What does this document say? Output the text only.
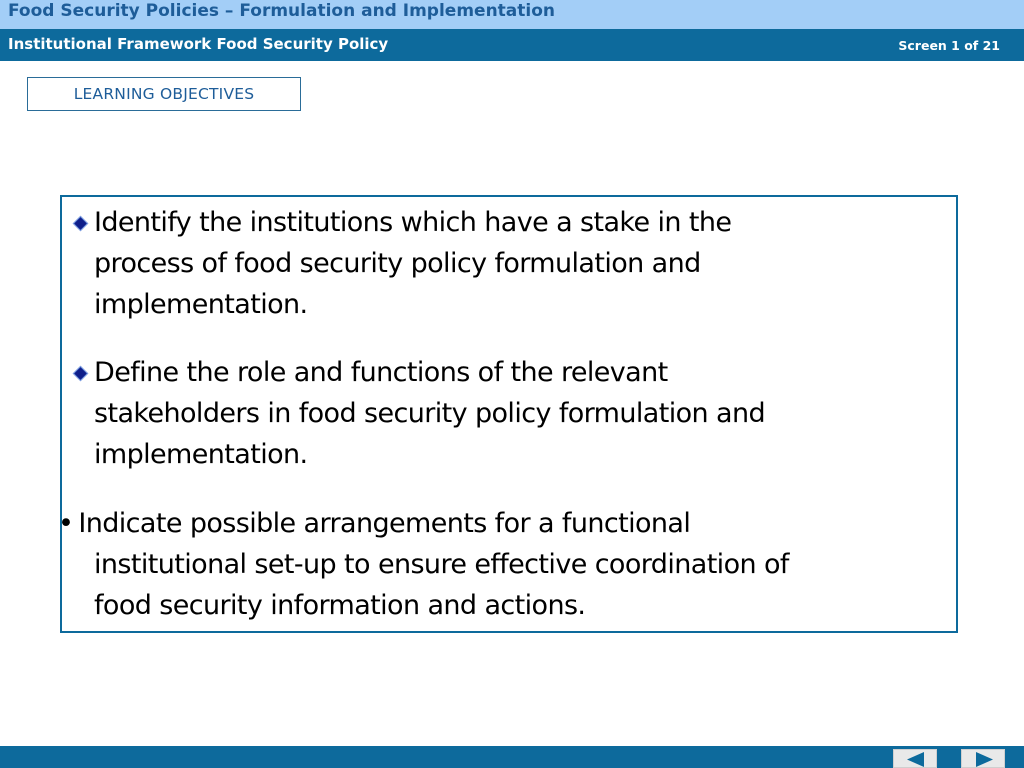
Food Security Policies – Formulation and Implementation
Institutional Framework Food Security Policy	Screen 1 of 21
LEARNING OBJECTIVES
Identify the institutions which have a stake in the
process of food security policy formulation and
implementation.
Define the role and functions of the relevant
stakeholders in food security policy formulation and
implementation.
• Indicate possible arrangements for a functional
institutional set-up to ensure effective coordination of
food security information and actions.
